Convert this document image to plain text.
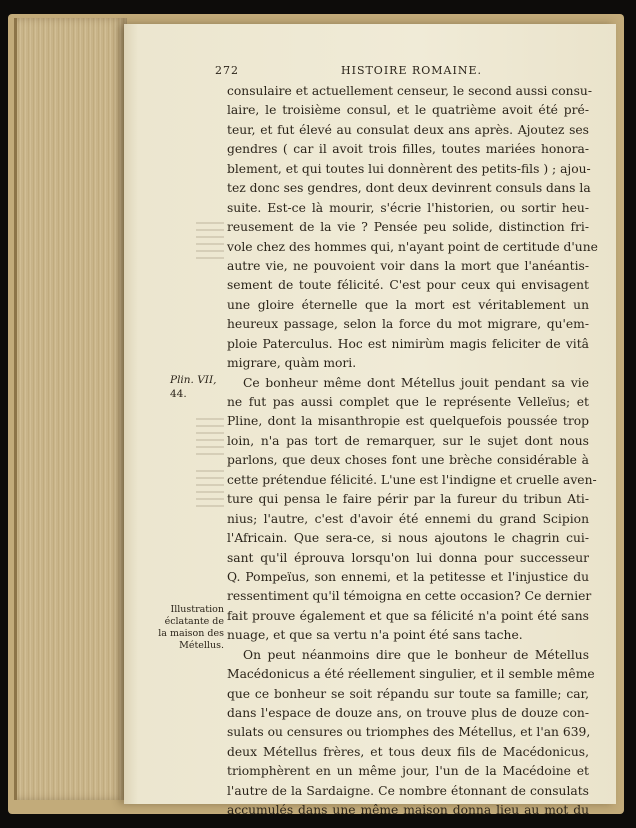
272	HISTOIRE ROMAINE.
consulaire et actuellement censeur, le second aussi consu-
laire, le troisième consul, et le quatrième avoit été pré-
teur, et fut élevé au consulat deux ans après. Ajoutez ses
gendres ( car il avoit trois filles, toutes mariées honora-
blement, et qui toutes lui donnèrent des petits-fils ) ; ajou-
tez donc ses gendres, dont deux devinrent consuls dans la
suite. Est-ce là mourir, s'écrie l'historien, ou sortir heu-
reusement de la vie ? Pensée peu solide, distinction fri-
vole chez des hommes qui, n'ayant point de certitude d'une
autre vie, ne pouvoient voir dans la mort que l'anéantis-
sement de toute félicité. C'est pour ceux qui envisagent
une gloire éternelle que la mort est véritablement un
heureux passage, selon la force du mot migrare, qu'em-
ploie Paterculus. Hoc est nimirùm magis feliciter de vitâ
migrare, quàm mori.
Ce bonheur même dont Métellus jouit pendant sa vie
ne fut pas aussi complet que le représente Velleïus; et
Pline, dont la misanthropie est quelquefois poussée trop
loin, n'a pas tort de remarquer, sur le sujet dont nous
parlons, que deux choses font une brèche considérable à
cette prétendue félicité. L'une est l'indigne et cruelle aven-
ture qui pensa le faire périr par la fureur du tribun Ati-
nius; l'autre, c'est d'avoir été ennemi du grand Scipion
l'Africain. Que sera-ce, si nous ajoutons le chagrin cui-
sant qu'il éprouva lorsqu'on lui donna pour successeur
Q. Pompeïus, son ennemi, et la petitesse et l'injustice du
ressentiment qu'il témoigna en cette occasion? Ce dernier
fait prouve également et que sa félicité n'a point été sans
nuage, et que sa vertu n'a point été sans tache.
On peut néanmoins dire que le bonheur de Métellus
Macédonicus a été réellement singulier, et il semble même
que ce bonheur se soit répandu sur toute sa famille; car,
dans l'espace de douze ans, on trouve plus de douze con-
sulats ou censures ou triomphes des Métellus, et l'an 639,
deux Métellus frères, et tous deux fils de Macédonicus,
triomphèrent en un même jour, l'un de la Macédoine et
l'autre de la Sardaigne. Ce nombre étonnant de consulats
accumulés dans une même maison donna lieu au mot du
Plin. VII,
44.
Illustration
éclatante de
la maison des
Métellus.
